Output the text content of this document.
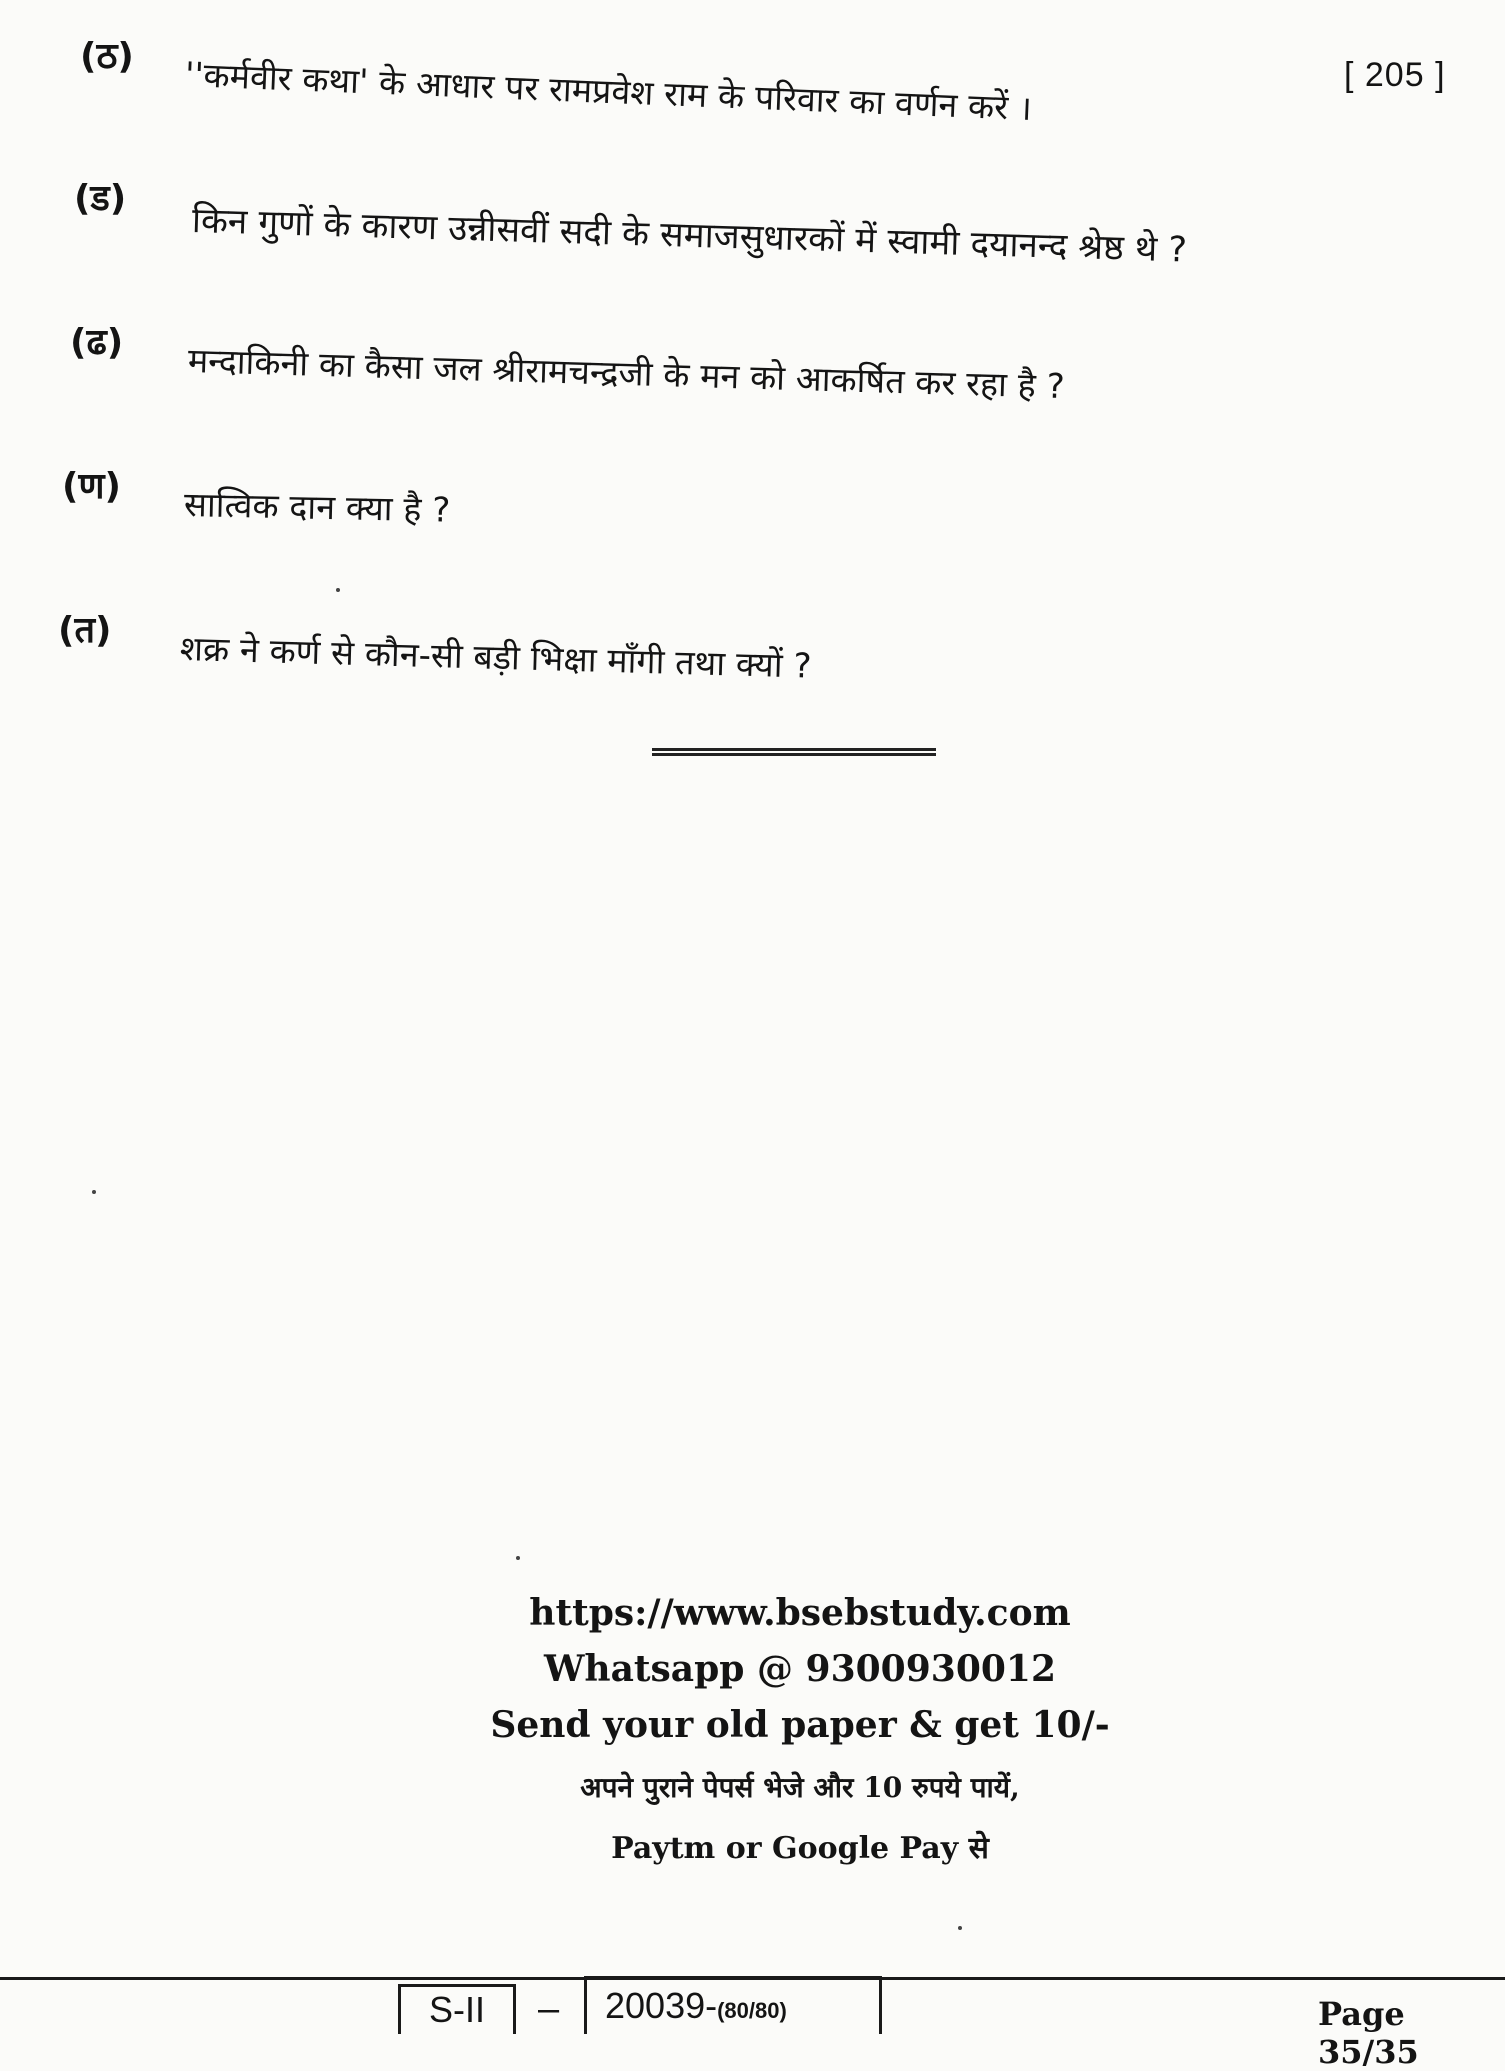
[ 205 ]
(ठ) ''कर्मवीर कथा' के आधार पर रामप्रवेश राम के परिवार का वर्णन करें ।
(ड)
किन गुणों के कारण उन्नीसवीं सदी के समाजसुधारकों में स्वामी दयानन्द श्रेष्ठ थे ?
(ढ) मन्दाकिनी का कैसा जल श्रीरामचन्द्रजी के मन को आकर्षित कर रहा है ?
(ण) सात्विक दान क्या है ?
(त) शक्र ने कर्ण से कौन-सी बड़ी भिक्षा माँगी तथा क्यों ?
https://www.bsebstudy.com
Whatsapp @ 9300930012
Send your old paper & get 10/-
अपने पुराने पेपर्स भेजे और 10 रुपये पायें,
Paytm or Google Pay से
S-II	–	20039-(80/80)	Page 35/35
